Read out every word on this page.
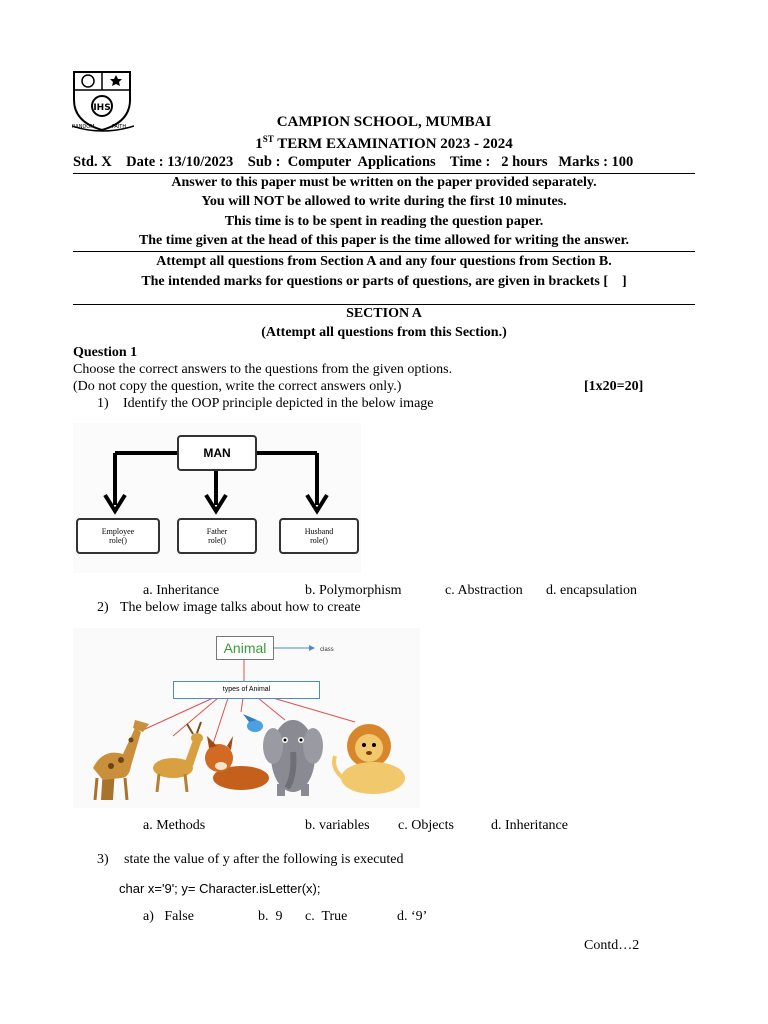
IHS
RANDOM	FAITH	CAMPION SCHOOL, MUMBAI
1ST TERM EXAMINATION 2023 - 2024
Std. X    Date : 13/10/2023    Sub :  Computer  Applications    Time :   2 hours   Marks : 100
Answer to this paper must be written on the paper provided separately.
You will NOT be allowed to write during the first 10 minutes.
This time is to be spent in reading the question paper.
The time given at the head of this paper is the time allowed for writing the answer.
Attempt all questions from Section A and any four questions from Section B.
The intended marks for questions or parts of questions, are given in brackets [    ]
SECTION A
(Attempt all questions from this Section.)
Question 1
Choose the correct answers to the questions from the given options.
(Do not copy the question, write the correct answers only.)	[1x20=20]
1) Identify the OOP principle depicted in the below image
MAN
Employee
role()
Father
role()
Husband
role()
a. Inheritance	b. Polymorphism	c. Abstraction d. encapsulation
2) The below image talks about how to create
Animal	class
types of Animal
a. Methods	b. variables c. Objects	d. Inheritance
3) state the value of y after the following is executed
char x='9'; y= Character.isLetter(x);
a)   False	b.  9 c.  True	d. ‘9’
Contd…2
